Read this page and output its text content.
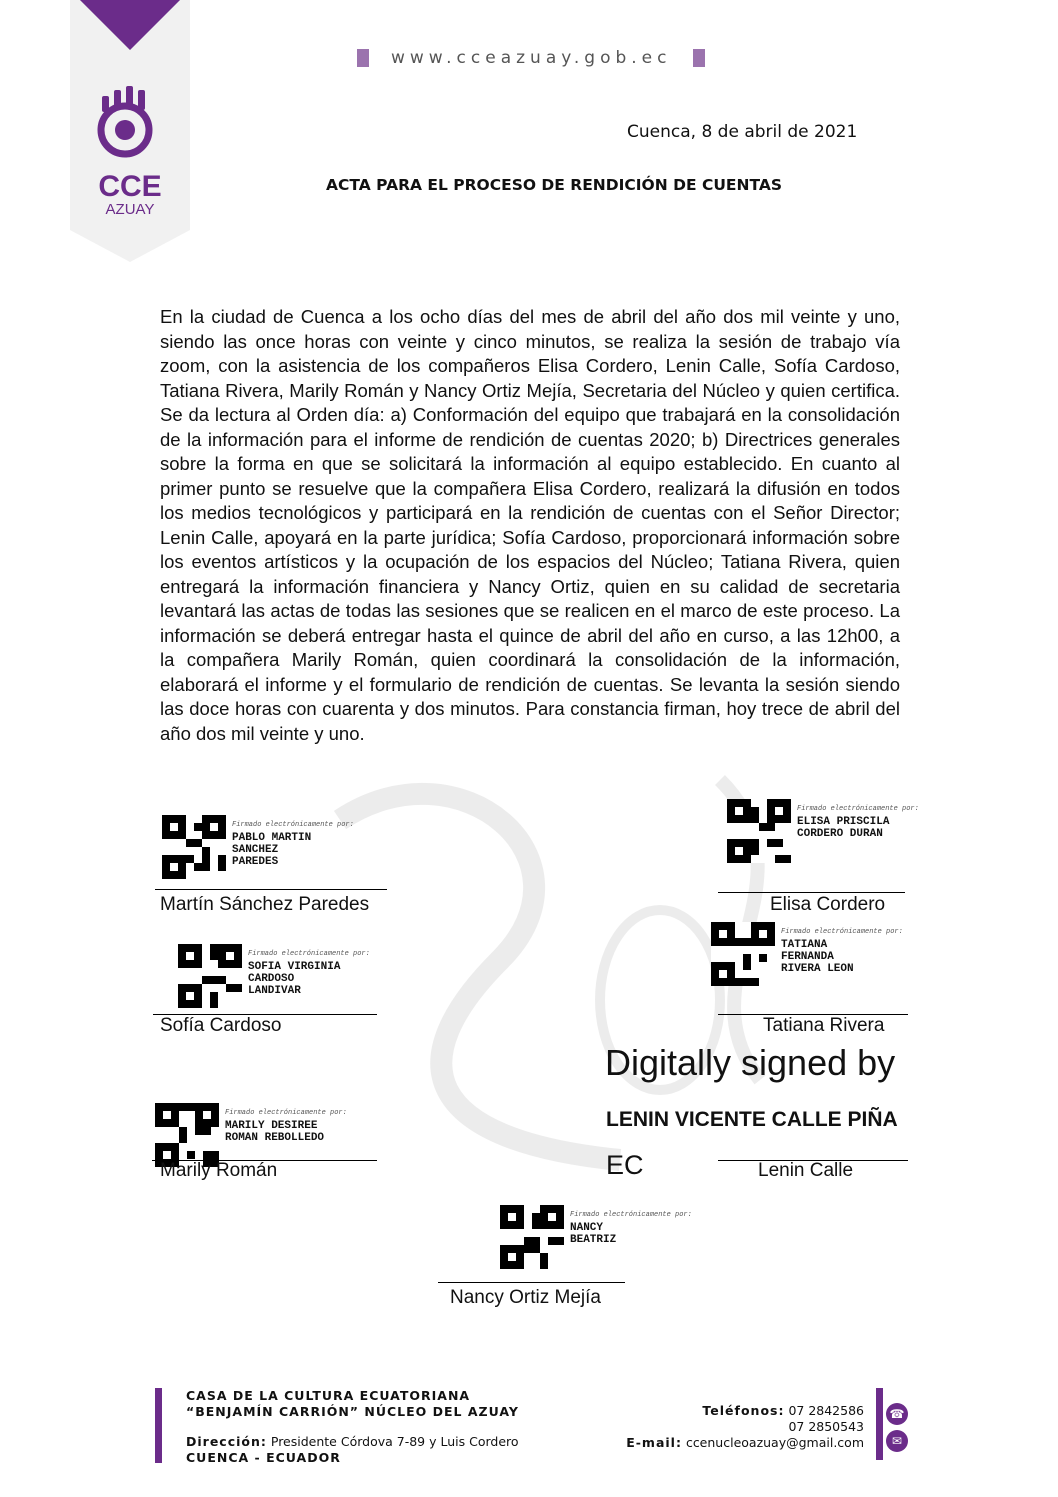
CCE
AZUAY
www.cceazuay.gob.ec
Cuenca, 8 de abril de 2021
ACTA PARA EL PROCESO DE RENDICIÓN DE CUENTAS
En la ciudad de Cuenca a los ocho días del mes de abril del año dos mil veinte y uno, siendo las once horas con veinte y cinco minutos, se realiza la sesión de trabajo vía zoom, con la asistencia de los compañeros Elisa Cordero, Lenin Calle, Sofía Cardoso, Tatiana Rivera, Marily Román y Nancy Ortiz Mejía, Secretaria del Núcleo y quien certifica. Se da lectura al Orden día: a) Conformación del equipo que trabajará en la consolidación de la información para el informe de rendición de cuentas 2020; b) Directrices generales sobre la forma en que se solicitará la información al equipo establecido. En cuanto al primer punto se resuelve que la compañera Elisa Cordero, realizará la difusión en todos los medios tecnológicos y participará en la rendición de cuentas con el Señor Director; Lenin Calle, apoyará en la parte jurídica; Sofía Cardoso, proporcionará información sobre los eventos artísticos y la ocupación de los espacios del Núcleo; Tatiana Rivera, quien entregará la información financiera y Nancy Ortiz, quien en su calidad de secretaria levantará las actas de todas las sesiones que se realicen en el marco de este proceso. La información se deberá entregar hasta el quince de abril del año en curso, a las 12h00, a la compañera Marily Román, quien coordinará la consolidación de la información, elaborará el informe y el formulario de rendición de cuentas. Se levanta la sesión siendo las doce horas con cuarenta y dos minutos. Para constancia firman, hoy trece de abril del año dos mil veinte y uno.
Firmado electrónicamente por:
PABLO MARTIN
SANCHEZ
PAREDES
Martín Sánchez Paredes
Firmado electrónicamente por:
ELISA PRISCILA
CORDERO DURAN
Elisa Cordero
Firmado electrónicamente por:
SOFIA VIRGINIA
CARDOSO
LANDIVAR
Sofía Cardoso
Firmado electrónicamente por:
TATIANA
FERNANDA
RIVERA LEON
Tatiana Rivera
Digitally signed by
LENIN VICENTE CALLE PIÑA
EC	Lenin Calle
Firmado electrónicamente por:
MARILY DESIREE
ROMAN REBOLLEDO
Marily Román
Firmado electrónicamente por:
NANCY
BEATRIZ
Nancy Ortiz Mejía
CASA DE LA CULTURA ECUATORIANA
“BENJAMÍN CARRIÓN” NÚCLEO DEL AZUAY
Dirección: Presidente Córdova 7-89 y Luis Cordero
CUENCA - ECUADOR
Teléfonos: 07 2842586
07 2850543
E-mail: ccenucleoazuay@gmail.com
☎
✉
